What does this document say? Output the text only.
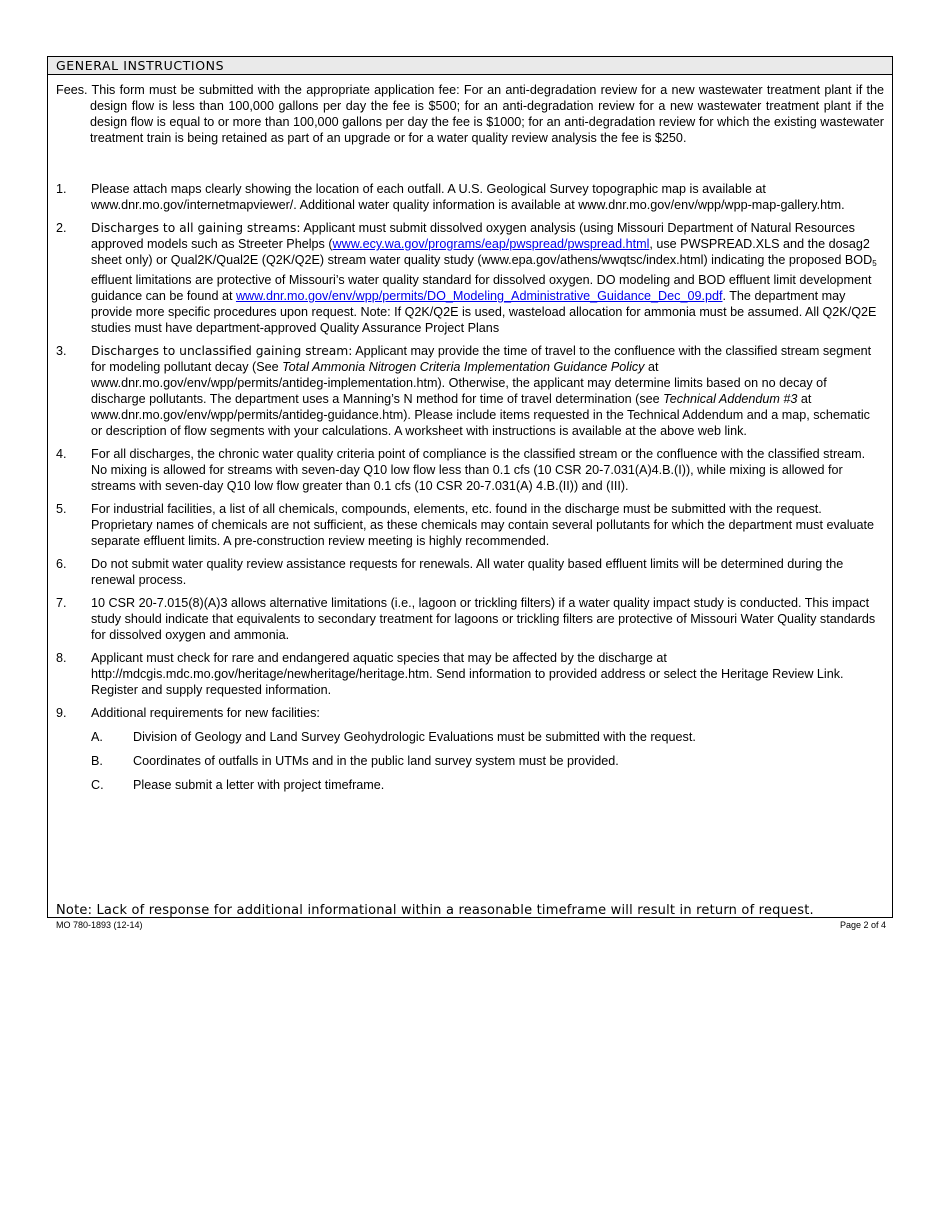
GENERAL INSTRUCTIONS

Fees. This form must be submitted with the appropriate application fee: For an anti-degradation review for a new wastewater treatment plant if the design flow is less than 100,000 gallons per day the fee is $500; for an anti-degradation review for a new wastewater treatment plant if the design flow is equal to or more than 100,000 gallons per day the fee is $1000; for an anti-degradation review for which the existing wastewater treatment train is being retained as part of an upgrade or for a water quality review analysis the fee is $250.

1. Please attach maps clearly showing the location of each outfall. A U.S. Geological Survey topographic map is available at www.dnr.mo.gov/internetmapviewer/. Additional water quality information is available at www.dnr.mo.gov/env/wpp/wpp-map-gallery.htm.
2. Discharges to all gaining streams: Applicant must submit dissolved oxygen analysis (using Missouri Department of Natural Resources approved models such as Streeter Phelps (www.ecy.wa.gov/programs/eap/pwspread/pwspread.html, use PWSPREAD.XLS and the dosag2 sheet only) or Qual2K/Qual2E (Q2K/Q2E) stream water quality study (www.epa.gov/athens/wwqtsc/index.html) indicating the proposed $BOD_5$ effluent limitations are protective of Missouri’s water quality standard for dissolved oxygen. DO modeling and BOD effluent limit development guidance can be found at www.dnr.mo.gov/env/wpp/permits/DO_Modeling_Administrative_Guidance_Dec_09.pdf. The department may provide more specific procedures upon request. Note: If Q2K/Q2E is used, wasteload allocation for ammonia must be assumed. All Q2K/Q2E studies must have department-approved Quality Assurance Project Plans
3. Discharges to unclassified gaining stream: Applicant may provide the time of travel to the confluence with the classified stream segment for modeling pollutant decay (See Total Ammonia Nitrogen Criteria Implementation Guidance Policy at www.dnr.mo.gov/env/wpp/permits/antideg-implementation.htm). Otherwise, the applicant may determine limits based on no decay of discharge pollutants. The department uses a Manning’s N method for time of travel determination (see Technical Addendum #3 at www.dnr.mo.gov/env/wpp/permits/antideg-guidance.htm). Please include items requested in the Technical Addendum and a map, schematic or description of flow segments with your calculations. A worksheet with instructions is available at the above web link.
4. For all discharges, the chronic water quality criteria point of compliance is the classified stream or the confluence with the classified stream. No mixing is allowed for streams with seven-day Q10 low flow less than 0.1 cfs (10 CSR 20-7.031(A)4.B.(I)), while mixing is allowed for streams with seven-day Q10 low flow greater than 0.1 cfs (10 CSR 20-7.031(A) 4.B.(II)) and (III).
5. For industrial facilities, a list of all chemicals, compounds, elements, etc. found in the discharge must be submitted with the request. Proprietary names of chemicals are not sufficient, as these chemicals may contain several pollutants for which the department must evaluate separate effluent limits. A pre-construction review meeting is highly recommended.
6. Do not submit water quality review assistance requests for renewals. All water quality based effluent limits will be determined during the renewal process.
7. 10 CSR 20-7.015(8)(A)3 allows alternative limitations (i.e., lagoon or trickling filters) if a water quality impact study is conducted. This impact study should indicate that equivalents to secondary treatment for lagoons or trickling filters are protective of Missouri Water Quality standards for dissolved oxygen and ammonia.
8. Applicant must check for rare and endangered aquatic species that may be affected by the discharge at http://mdcgis.mdc.mo.gov/heritage/newheritage/heritage.htm. Send information to provided address or select the Heritage Review Link. Register and supply requested information.
9. Additional requirements for new facilities:
A. Division of Geology and Land Survey Geohydrologic Evaluations must be submitted with the request.
B. Coordinates of outfalls in UTMs and in the public land survey system must be provided.
C. Please submit a letter with project timeframe.
Note: Lack of response for additional informational within a reasonable timeframe will result in return of request.
MO 780-1893 (12-14)	Page 2 of 4
